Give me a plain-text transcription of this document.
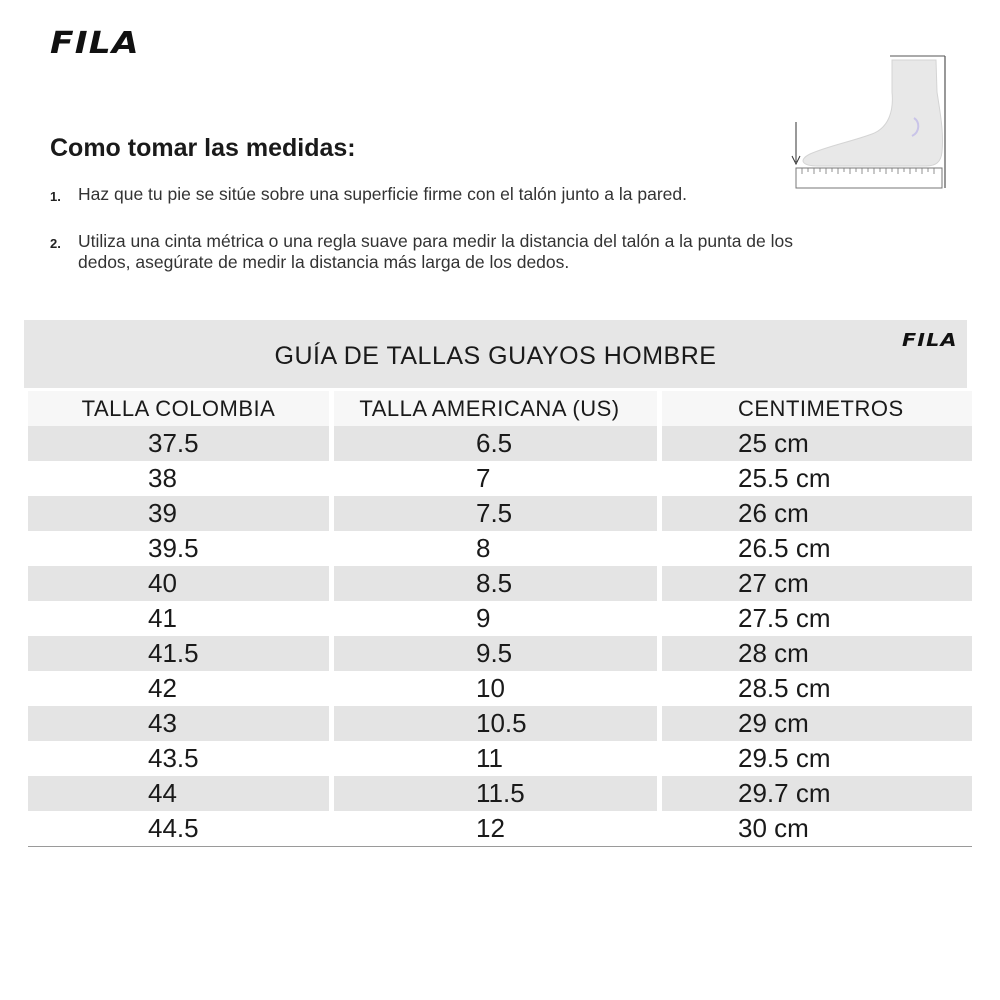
FILA
Como tomar las medidas:
1. Haz que tu pie se sitúe sobre una superficie firme con el talón junto a la pared.
2. Utiliza una cinta métrica o una regla suave para medir la distancia del talón a la punta de los dedos, asegúrate de medir la distancia más larga de los dedos.
GUÍA DE TALLAS GUAYOS HOMBRE
FILA
TALLA COLOMBIA	TALLA AMERICANA (US)	CENTIMETROS
37.5	6.5	25 cm
38	7	25.5 cm
39	7.5	26 cm
39.5	8	26.5 cm
40	8.5	27 cm
41	9	27.5 cm
41.5	9.5	28 cm
42	10	28.5 cm
43	10.5	29 cm
43.5	11	29.5 cm
44	11.5	29.7 cm
44.5	12	30 cm
